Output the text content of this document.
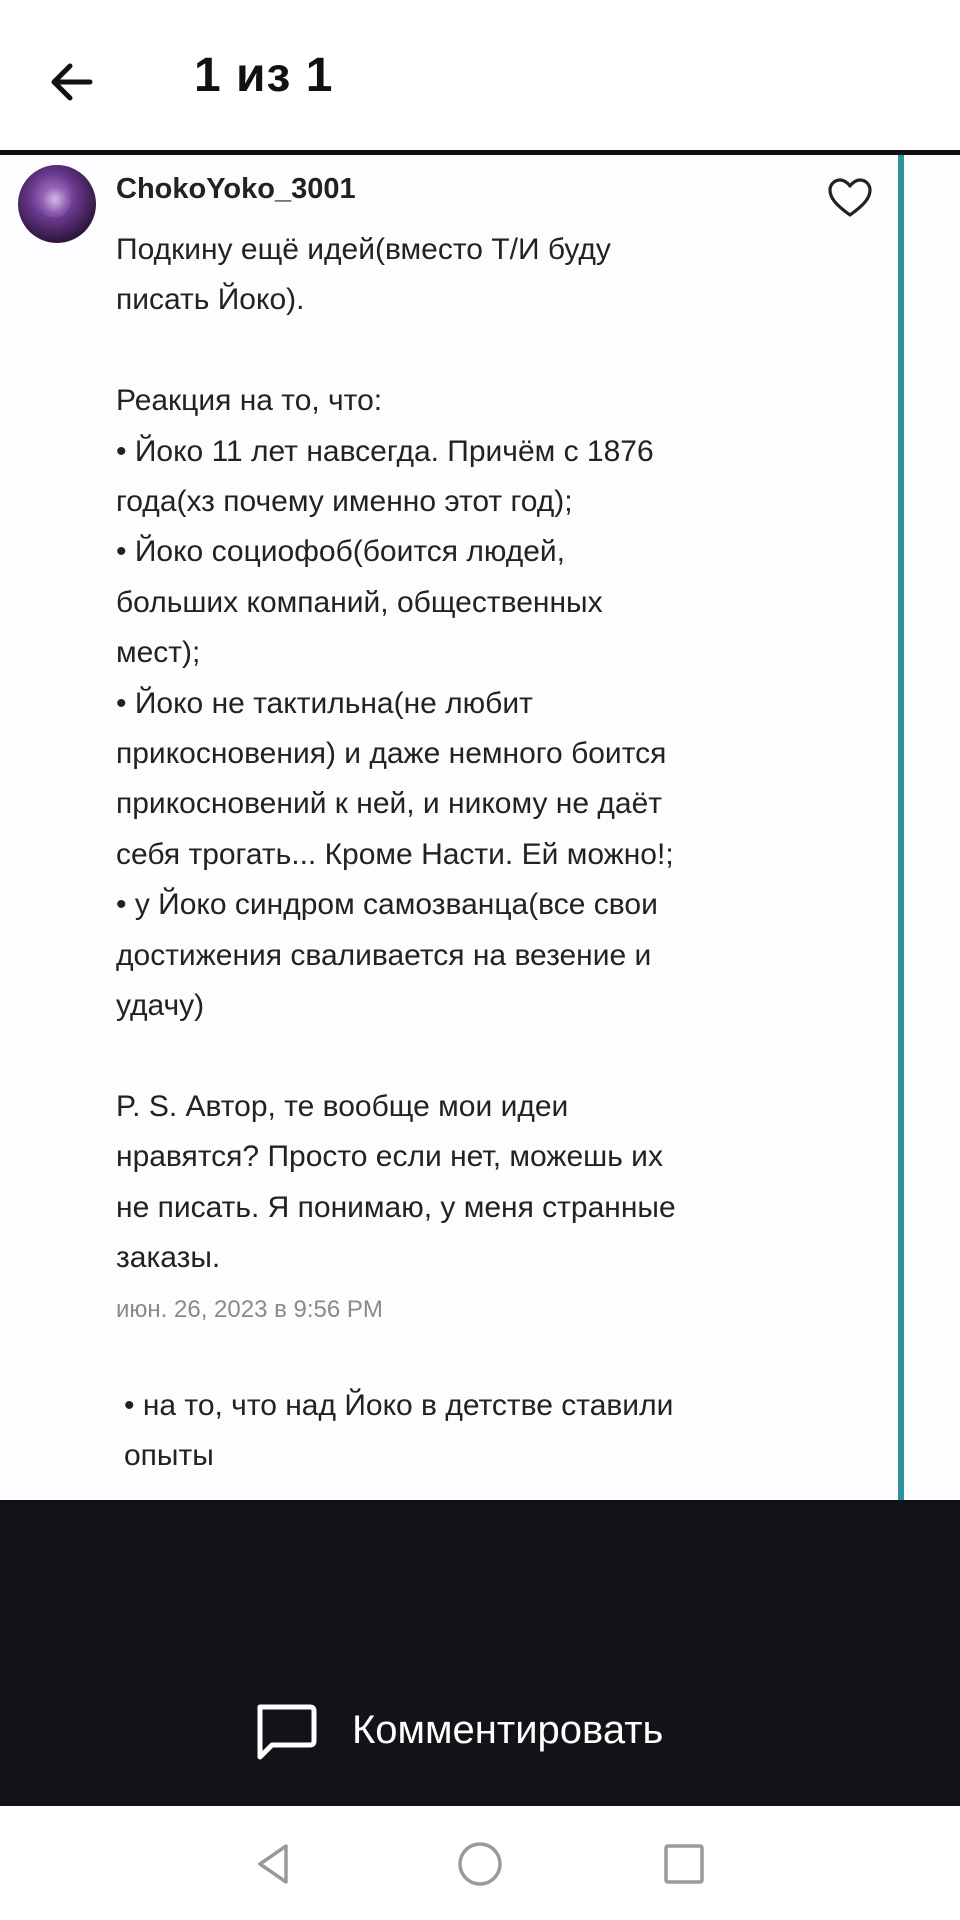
1 из 1
ChokoYoko_3001

Подкину ещё идей(вместо Т/И буду

писать Йоко).

Реакция на то, что:

• Йоко 11 лет навсегда. Причём с 1876

года(хз почему именно этот год);

• Йоко социофоб(боится людей,

больших компаний, общественных

мест);

• Йоко не тактильна(не любит

прикосновения) и даже немного боится

прикосновений к ней, и никому не даёт

себя трогать... Кроме Насти. Ей можно!;

• у Йоко синдром самозванца(все свои

достижения сваливается на везение и

удачу)

P. S. Автор, те вообще мои идеи

нравятся? Просто если нет, можешь их

не писать. Я понимаю, у меня странные

заказы.

июн. 26, 2023 в 9:56 PM

• на то, что над Йоко в детстве ставили

опыты

Комментировать
